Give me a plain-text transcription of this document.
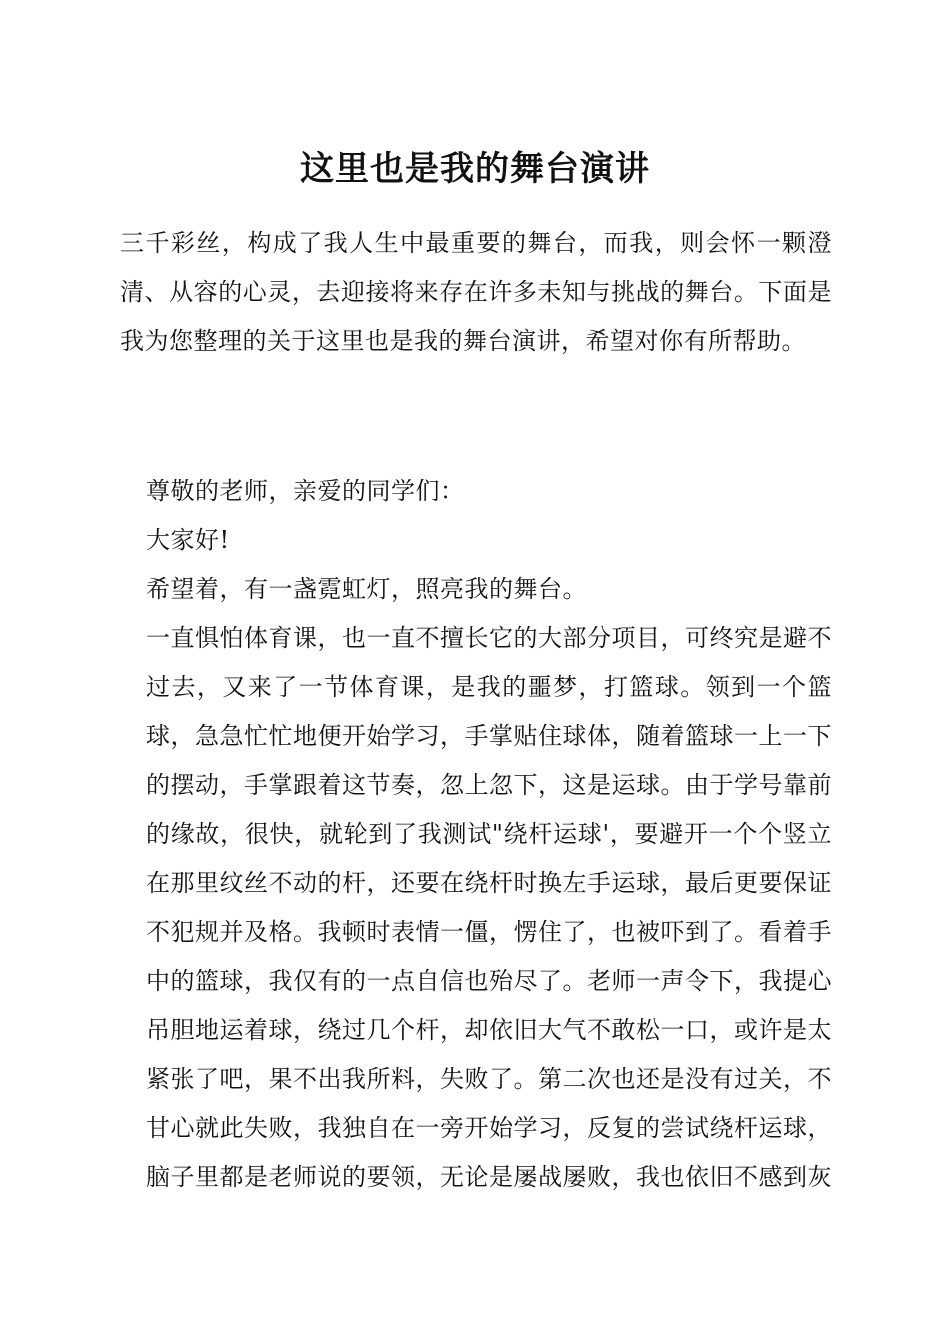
这里也是我的舞台演讲

三千彩丝，构成了我人生中最重要的舞台，而我，则会怀一颗澄清、从容的心灵，去迎接将来存在许多未知与挑战的舞台。下面是我为您整理的关于这里也是我的舞台演讲，希望对你有所帮助。

尊敬的老师，亲爱的同学们：

大家好!

希望着，有一盏霓虹灯，照亮我的舞台。

一直惧怕体育课，也一直不擅长它的大部分项目，可终究是避不过去，又来了一节体育课，是我的噩梦，打篮球。领到一个篮球，急急忙忙地便开始学习，手掌贴住球体，随着篮球一上一下的摆动，手掌跟着这节奏，忽上忽下，这是运球。由于学号靠前的缘故，很快，就轮到了我测试"绕杆运球'，要避开一个个竖立在那里纹丝不动的杆，还要在绕杆时换左手运球，最后更要保证不犯规并及格。我顿时表情一僵，愣住了，也被吓到了。看着手中的篮球，我仅有的一点自信也殆尽了。老师一声令下，我提心吊胆地运着球，绕过几个杆，却依旧大气不敢松一口，或许是太紧张了吧，果不出我所料，失败了。第二次也还是没有过关，不甘心就此失败，我独自在一旁开始学习，反复的尝试绕杆运球，脑子里都是老师说的要领，无论是屡战屡败，我也依旧不感到灰
